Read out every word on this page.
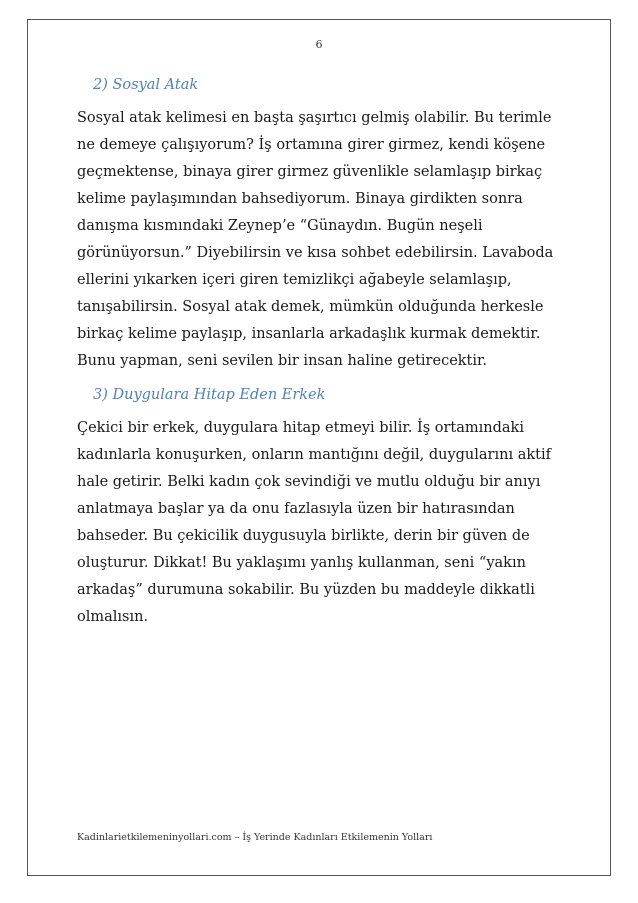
6
2) Sosyal Atak

Sosyal atak kelimesi en başta şaşırtıcı gelmiş olabilir. Bu terimle ne demeye çalışıyorum? İş ortamına girer girmez, kendi köşene geçmektense, binaya girer girmez güvenlikle selamlaşıp birkaç kelime paylaşımından bahsediyorum. Binaya girdikten sonra danışma kısmındaki Zeynep’e “Günaydın. Bugün neşeli görünüyorsun.” Diyebilirsin ve kısa sohbet edebilirsin. Lavaboda ellerini yıkarken içeri giren temizlikçi ağabeyle selamlaşıp, tanışabilirsin. Sosyal atak demek, mümkün olduğunda herkesle birkaç kelime paylaşıp, insanlarla arkadaşlık kurmak demektir. Bunu yapman, seni sevilen bir insan haline getirecektir.

3) Duygulara Hitap Eden Erkek

Çekici bir erkek, duygulara hitap etmeyi bilir. İş ortamındaki kadınlarla konuşurken, onların mantığını değil, duygularını aktif hale getirir. Belki kadın çok sevindiği ve mutlu olduğu bir anıyı anlatmaya başlar ya da onu fazlasıyla üzen bir hatırasından bahseder. Bu çekicilik duygusuyla birlikte, derin bir güven de oluşturur. Dikkat! Bu yaklaşımı yanlış kullanman, seni “yakın arkadaş” durumuna sokabilir. Bu yüzden bu maddeyle dikkatli olmalısın.

Kadinlarietkilemeninyollari.com – İş Yerinde Kadınları Etkilemenin Yolları
